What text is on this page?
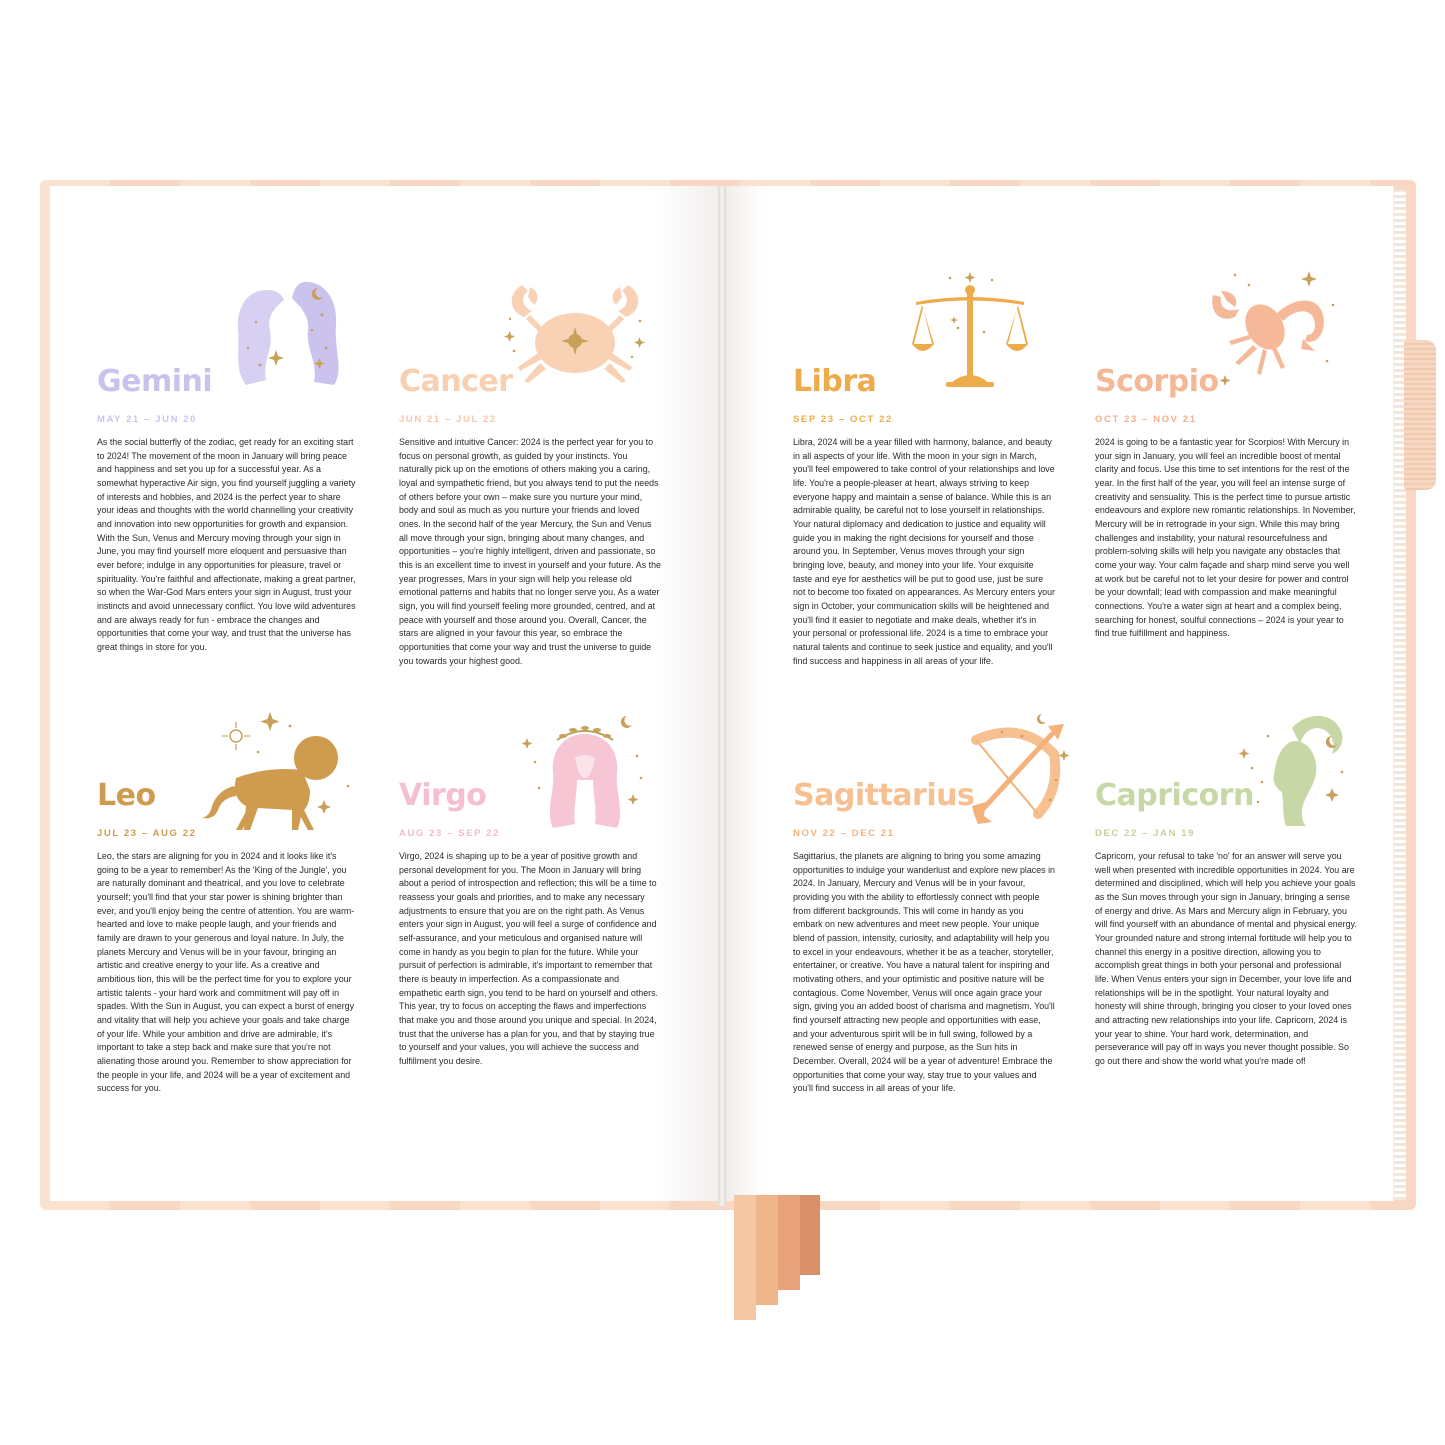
Gemini
MAY 21 – JUN 20
As the social butterfly of the zodiac, get ready for an exciting start to 2024! The movement of the moon in January will bring peace and happiness and set you up for a successful year. As a somewhat hyperactive Air sign, you find yourself juggling a variety of interests and hobbies, and 2024 is the perfect year to share your ideas and thoughts with the world channelling your creativity and innovation into new opportunities for growth and expansion. With the Sun, Venus and Mercury moving through your sign in June, you may find yourself more eloquent and persuasive than ever before; indulge in any opportunities for pleasure, travel or spirituality. You're faithful and affectionate, making a great partner, so when the War-God Mars enters your sign in August, trust your instincts and avoid unnecessary conflict. You love wild adventures and are always ready for fun - embrace the changes and opportunities that come your way, and trust that the universe has great things in store for you.
Cancer
JUN 21 – JUL 22
Sensitive and intuitive Cancer: 2024 is the perfect year for you to focus on personal growth, as guided by your instincts. You naturally pick up on the emotions of others making you a caring, loyal and sympathetic friend, but you always tend to put the needs of others before your own – make sure you nurture your mind, body and soul as much as you nurture your friends and loved ones. In the second half of the year Mercury, the Sun and Venus all move through your sign, bringing about many changes, and opportunities – you're highly intelligent, driven and passionate, so this is an excellent time to invest in yourself and your future. As the year progresses, Mars in your sign will help you release old emotional patterns and habits that no longer serve you. As a water sign, you will find yourself feeling more grounded, centred, and at peace with yourself and those around you. Overall, Cancer, the stars are aligned in your favour this year, so embrace the opportunities that come your way and trust the universe to guide you towards your highest good.
Libra
SEP 23 – OCT 22
Libra, 2024 will be a year filled with harmony, balance, and beauty in all aspects of your life. With the moon in your sign in March, you'll feel empowered to take control of your relationships and love life. You're a people-pleaser at heart, always striving to keep everyone happy and maintain a sense of balance. While this is an admirable quality, be careful not to lose yourself in relationships. Your natural diplomacy and dedication to justice and equality will guide you in making the right decisions for yourself and those around you. In September, Venus moves through your sign bringing love, beauty, and money into your life. Your exquisite taste and eye for aesthetics will be put to good use, just be sure not to become too fixated on appearances. As Mercury enters your sign in October, your communication skills will be heightened and you'll find it easier to negotiate and make deals, whether it's in your personal or professional life. 2024 is a time to embrace your natural talents and continue to seek justice and equality, and you'll find success and happiness in all areas of your life.
Scorpio
OCT 23 – NOV 21
2024 is going to be a fantastic year for Scorpios! With Mercury in your sign in January, you will feel an incredible boost of mental clarity and focus. Use this time to set intentions for the rest of the year. In the first half of the year, you will feel an intense surge of creativity and sensuality. This is the perfect time to pursue artistic endeavours and explore new romantic relationships. In November, Mercury will be in retrograde in your sign. While this may bring challenges and instability, your natural resourcefulness and problem-solving skills will help you navigate any obstacles that come your way. Your calm façade and sharp mind serve you well at work but be careful not to let your desire for power and control be your downfall; lead with compassion and make meaningful connections. You're a water sign at heart and a complex being, searching for honest, soulful connections – 2024 is your year to find true fulfillment and happiness.
Leo
JUL 23 – AUG 22
Leo, the stars are aligning for you in 2024 and it looks like it's going to be a year to remember! As the 'King of the Jungle', you are naturally dominant and theatrical, and you love to celebrate yourself; you'll find that your star power is shining brighter than ever, and you'll enjoy being the centre of attention. You are warm-hearted and love to make people laugh, and your friends and family are drawn to your generous and loyal nature. In July, the planets Mercury and Venus will be in your favour, bringing an artistic and creative energy to your life. As a creative and ambitious lion, this will be the perfect time for you to explore your artistic talents - your hard work and commitment will pay off in spades. With the Sun in August, you can expect a burst of energy and vitality that will help you achieve your goals and take charge of your life. While your ambition and drive are admirable, it's important to take a step back and make sure that you're not alienating those around you. Remember to show appreciation for the people in your life, and 2024 will be a year of excitement and success for you.
Virgo
AUG 23 – SEP 22
Virgo, 2024 is shaping up to be a year of positive growth and personal development for you. The Moon in January will bring about a period of introspection and reflection; this will be a time to reassess your goals and priorities, and to make any necessary adjustments to ensure that you are on the right path. As Venus enters your sign in August, you will feel a surge of confidence and self-assurance, and your meticulous and organised nature will come in handy as you begin to plan for the future. While your pursuit of perfection is admirable, it's important to remember that there is beauty in imperfection. As a compassionate and empathetic earth sign, you tend to be hard on yourself and others. This year, try to focus on accepting the flaws and imperfections that make you and those around you unique and special. In 2024, trust that the universe has a plan for you, and that by staying true to yourself and your values, you will achieve the success and fulfillment you desire.
Sagittarius
NOV 22 – DEC 21
Sagittarius, the planets are aligning to bring you some amazing opportunities to indulge your wanderlust and explore new places in 2024. In January, Mercury and Venus will be in your favour, providing you with the ability to effortlessly connect with people from different backgrounds. This will come in handy as you embark on new adventures and meet new people. Your unique blend of passion, intensity, curiosity, and adaptability will help you to excel in your endeavours, whether it be as a teacher, storyteller, entertainer, or creative. You have a natural talent for inspiring and motivating others, and your optimistic and positive nature will be contagious. Come November, Venus will once again grace your sign, giving you an added boost of charisma and magnetism. You'll find yourself attracting new people and opportunities with ease, and your adventurous spirit will be in full swing, followed by a renewed sense of energy and purpose, as the Sun hits in December. Overall, 2024 will be a year of adventure! Embrace the opportunities that come your way, stay true to your values and you'll find success in all areas of your life.
Capricorn
DEC 22 – JAN 19
Capricorn, your refusal to take 'no' for an answer will serve you well when presented with incredible opportunities in 2024. You are determined and disciplined, which will help you achieve your goals as the Sun moves through your sign in January, bringing a sense of energy and drive. As Mars and Mercury align in February, you will find yourself with an abundance of mental and physical energy. Your grounded nature and strong internal fortitude will help you to channel this energy in a positive direction, allowing you to accomplish great things in both your personal and professional life. When Venus enters your sign in December, your love life and relationships will be in the spotlight. Your natural loyalty and honesty will shine through, bringing you closer to your loved ones and attracting new relationships into your life. Capricorn, 2024 is your year to shine. Your hard work, determination, and perseverance will pay off in ways you never thought possible. So go out there and show the world what you're made of!
